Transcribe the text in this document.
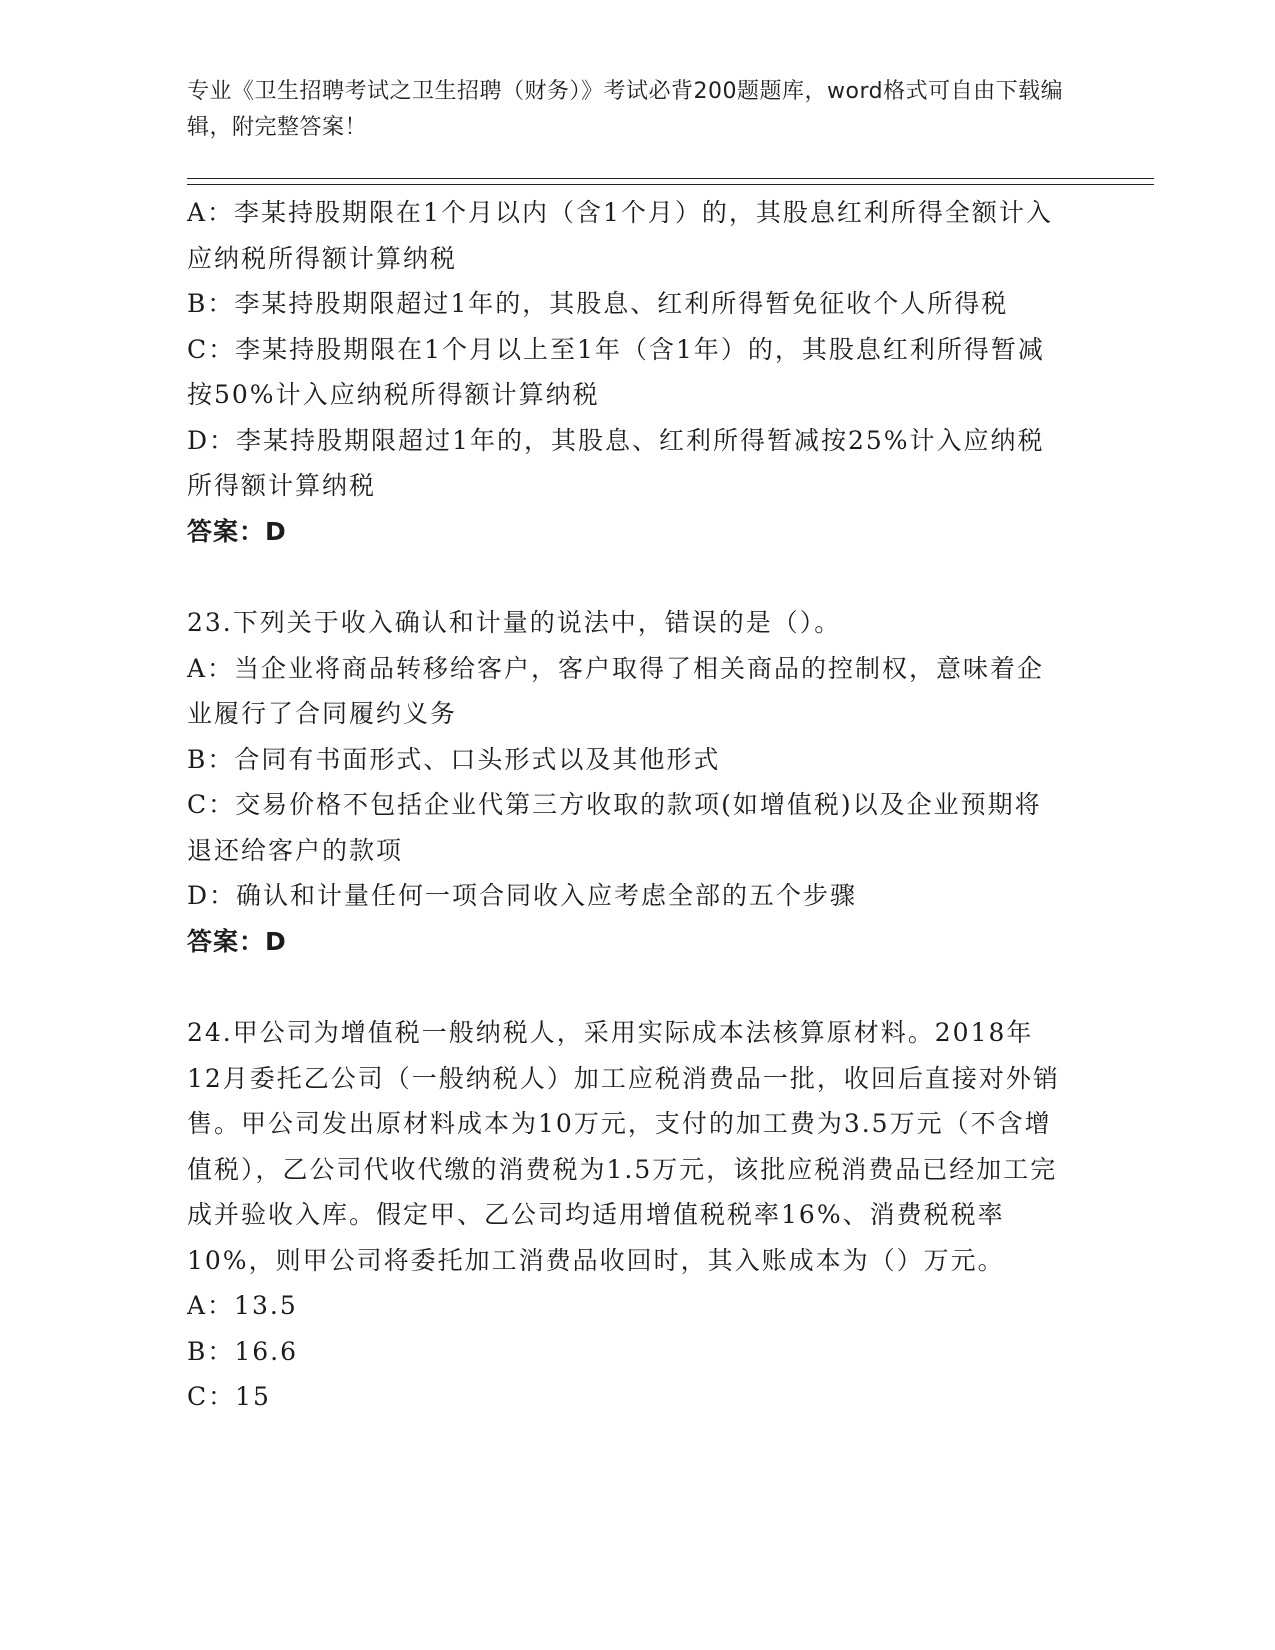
专业《卫生招聘考试之卫生招聘（财务）》考试必背200题题库，word格式可自由下载编辑，附完整答案！

A：李某持股期限在1个月以内（含1个月）的，其股息红利所得全额计入应纳税所得额计算纳税

B：李某持股期限超过1年的，其股息、红利所得暂免征收个人所得税

C：李某持股期限在1个月以上至1年（含1年）的，其股息红利所得暂减按50%计入应纳税所得额计算纳税

D：李某持股期限超过1年的，其股息、红利所得暂减按25%计入应纳税所得额计算纳税

答案：D

23.下列关于收入确认和计量的说法中，错误的是（）。

A：当企业将商品转移给客户，客户取得了相关商品的控制权，意味着企业履行了合同履约义务

B：合同有书面形式、口头形式以及其他形式

C：交易价格不包括企业代第三方收取的款项(如增值税)以及企业预期将退还给客户的款项

D：确认和计量任何一项合同收入应考虑全部的五个步骤

答案：D

24.甲公司为增值税一般纳税人，采用实际成本法核算原材料。2018年12月委托乙公司（一般纳税人）加工应税消费品一批，收回后直接对外销售。甲公司发出原材料成本为10万元，支付的加工费为3.5万元（不含增值税），乙公司代收代缴的消费税为1.5万元，该批应税消费品已经加工完成并验收入库。假定甲、乙公司均适用增值税税率16%、消费税税率10%，则甲公司将委托加工消费品收回时，其入账成本为（）万元。

A：13.5

B：16.6

C：15
